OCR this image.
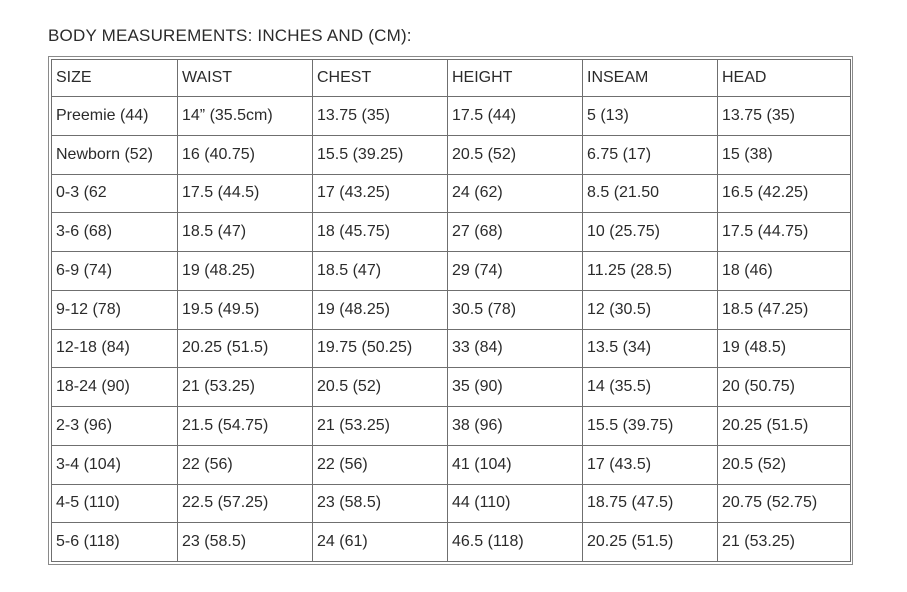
BODY MEASUREMENTS: INCHES AND (CM):
SIZE	WAIST	CHEST	HEIGHT	INSEAM	HEAD
Preemie (44)	14” (35.5cm)	13.75 (35)	17.5 (44)	5 (13)	13.75 (35)
Newborn (52)	16 (40.75)	15.5 (39.25)	20.5 (52)	6.75 (17)	15 (38)
0-3 (62	17.5 (44.5)	17 (43.25)	24 (62)	8.5 (21.50	16.5 (42.25)
3-6 (68)	18.5 (47)	18 (45.75)	27 (68)	10 (25.75)	17.5 (44.75)
6-9 (74)	19 (48.25)	18.5 (47)	29 (74)	11.25 (28.5)	18 (46)
9-12 (78)	19.5 (49.5)	19 (48.25)	30.5 (78)	12 (30.5)	18.5 (47.25)
12-18 (84)	20.25 (51.5)	19.75 (50.25)	33 (84)	13.5 (34)	19 (48.5)
18-24 (90)	21 (53.25)	20.5 (52)	35 (90)	14 (35.5)	20 (50.75)
2-3 (96)	21.5 (54.75)	21 (53.25)	38 (96)	15.5 (39.75)	20.25 (51.5)
3-4 (104)	22 (56)	22 (56)	41 (104)	17 (43.5)	20.5 (52)
4-5 (110)	22.5 (57.25)	23 (58.5)	44 (110)	18.75 (47.5)	20.75 (52.75)
5-6 (118)	23 (58.5)	24 (61)	46.5 (118)	20.25 (51.5)	21 (53.25)
